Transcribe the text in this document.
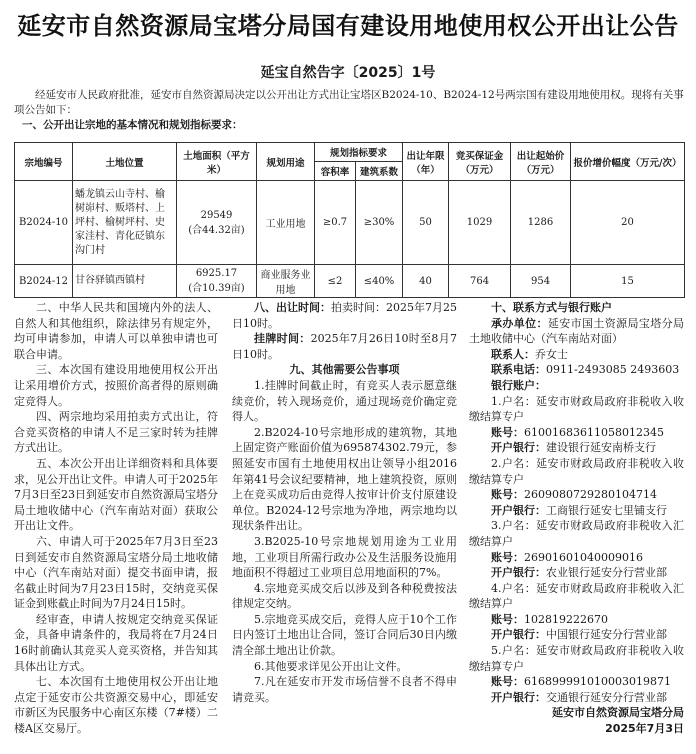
延安市自然资源局宝塔分局国有建设用地使用权公开出让公告
延宝自然告字〔2025〕1号

经延安市人民政府批准，延安市自然资源局决定以公开出让方式出让宝塔区B2024-10、B2024-12号两宗国有建设用地使用权。现将有关事项公告如下：

一、公开出让宗地的基本情况和规划指标要求：

宗地编号	土地位置	土地面积（平方米）	规划用途	规划指标要求		出让年限（年）	竞买保证金（万元）	出让起始价（万元）	报价增价幅度（万元/次）
				容积率	建筑系数				
B2024-10	蟠龙镇云山寺村、榆树峁村、贩塔村、上坪村、榆树坪村、史家洼村、青化砭镇东沟门村	29549
(合44.32亩)	工业用地	≥0.7	≥30%	50	1029	1286	20
B2024-12	甘谷驿镇西镇村	6925.17
(合10.39亩)	商业服务业用地	≤2	≤40%	40	764	954	15

二、中华人民共和国境内外的法人、自然人和其他组织，除法律另有规定外，均可申请参加，申请人可以单独申请也可联合申请。

三、本次国有建设用地使用权公开出让采用增价方式，按照价高者得的原则确定竞得人。

四、两宗地均采用拍卖方式出让，符合竞买资格的申请人不足三家时转为挂牌方式出让。

五、本次公开出让详细资料和具体要求，见公开出让文件。申请人可于2025年7月3日至23日到延安市自然资源局宝塔分局土地收储中心（汽车南站对面）获取公开出让文件。

六、申请人可于2025年7月3日至23日到延安市自然资源局宝塔分局土地收储中心（汽车南站对面）提交书面申请，报名截止时间为7月23日15时，交纳竞买保证金到账截止时间为7月24日15时。

经审查，申请人按规定交纳竞买保证金，具备申请条件的，我局将在7月24日16时前确认其竞买人竞买资格，并告知其具体出让方式。

七、本次国有土地使用权公开出让地点定于延安市公共资源交易中心，即延安市新区为民服务中心南区东楼（7#楼）二楼A区交易厅。

八、出让时间：拍卖时间：2025年7月25日10时。

挂牌时间：2025年7月26日10时至8月7日10时。

九、其他需要公告事项

1.挂牌时间截止时，有竞买人表示愿意继续竞价，转入现场竞价，通过现场竞价确定竞得人。

2.B2024-10号宗地形成的建筑物，其地上固定资产账面价值为695874302.79元，参照延安市国有土地使用权出让领导小组2016年第41号会议纪要精神，地上建筑投资，原则上在竞买成功后由竞得人按审计价支付原建设单位。B2024-12号宗地为净地，两宗地均以现状条件出让。

3.B2025-10号宗地规划用途为工业用地，工业项目所需行政办公及生活服务设施用地面积不得超过工业项目总用地面积的7%。

4.宗地竞买成交后以涉及到各种税费按法律规定交纳。

5.宗地竞买成交后，竞得人应于10个工作日内签订土地出让合同，签订合同后30日内缴清全部土地出让价款。

6.其他要求详见公开出让文件。

7.凡在延安市开发市场信誉不良者不得申请竞买。

十、联系方式与银行账户

承办单位：延安市国土资源局宝塔分局土地收储中心（汽车南站对面）

联系人：乔女士

联系电话：0911-2493085 2493603

银行账户：

1.户名：延安市财政局政府非税收入收缴结算专户

账号：61001683611058012345

开户银行：建设银行延安南桥支行

2.户名：延安市财政局政府非税收入收缴结算专户

账号：2609080729280104714

开户银行：工商银行延安七里铺支行

3.户名：延安市财政局政府非税收入汇缴结算户

账号：26901601040009016

开户银行：农业银行延安分行营业部

4.户名：延安市财政局政府非税收入汇缴结算户

账号：102819222670

开户银行：中国银行延安分行营业部

5.户名：延安市财政局政府非税收入收缴结算专户

账号：616899991010003019871

开户银行：交通银行延安分行营业部

延安市自然资源局宝塔分局

2025年7月3日
